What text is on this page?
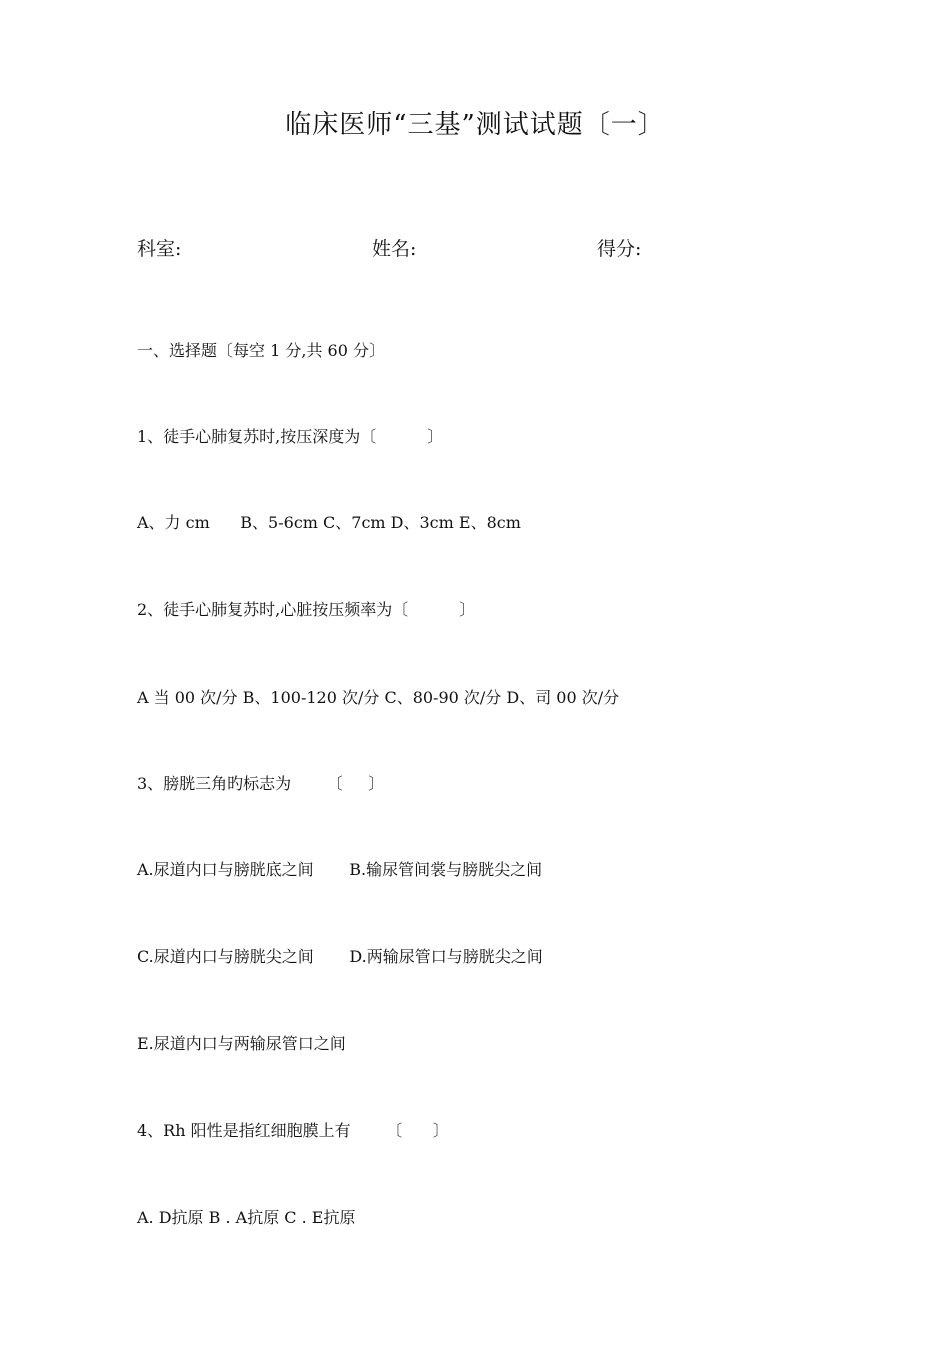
临床医师“三基”测试试题〔一〕
科室:	姓名:	得分:
一、选择题〔每空 1 分,共 60 分〕
1、徒手心肺复苏时,按压深度为〔          〕
A、力 cm      B、5-6cm C、7cm D、3cm E、8cm
2、徒手心肺复苏时,心脏按压频率为〔          〕
A 当 00 次/分 B、100-120 次/分 C、80-90 次/分 D、司 00 次/分
3、膀胱三角旳标志为       〔     〕
A.尿道内口与膀胱底之间       B.输尿管间裳与膀胱尖之间
C.尿道内口与膀胱尖之间       D.两输尿管口与膀胱尖之间
E.尿道内口与两输尿管口之间
4、Rh 阳性是指红细胞膜上有       〔      〕
A. D抗原 B . A抗原 C . E抗原
